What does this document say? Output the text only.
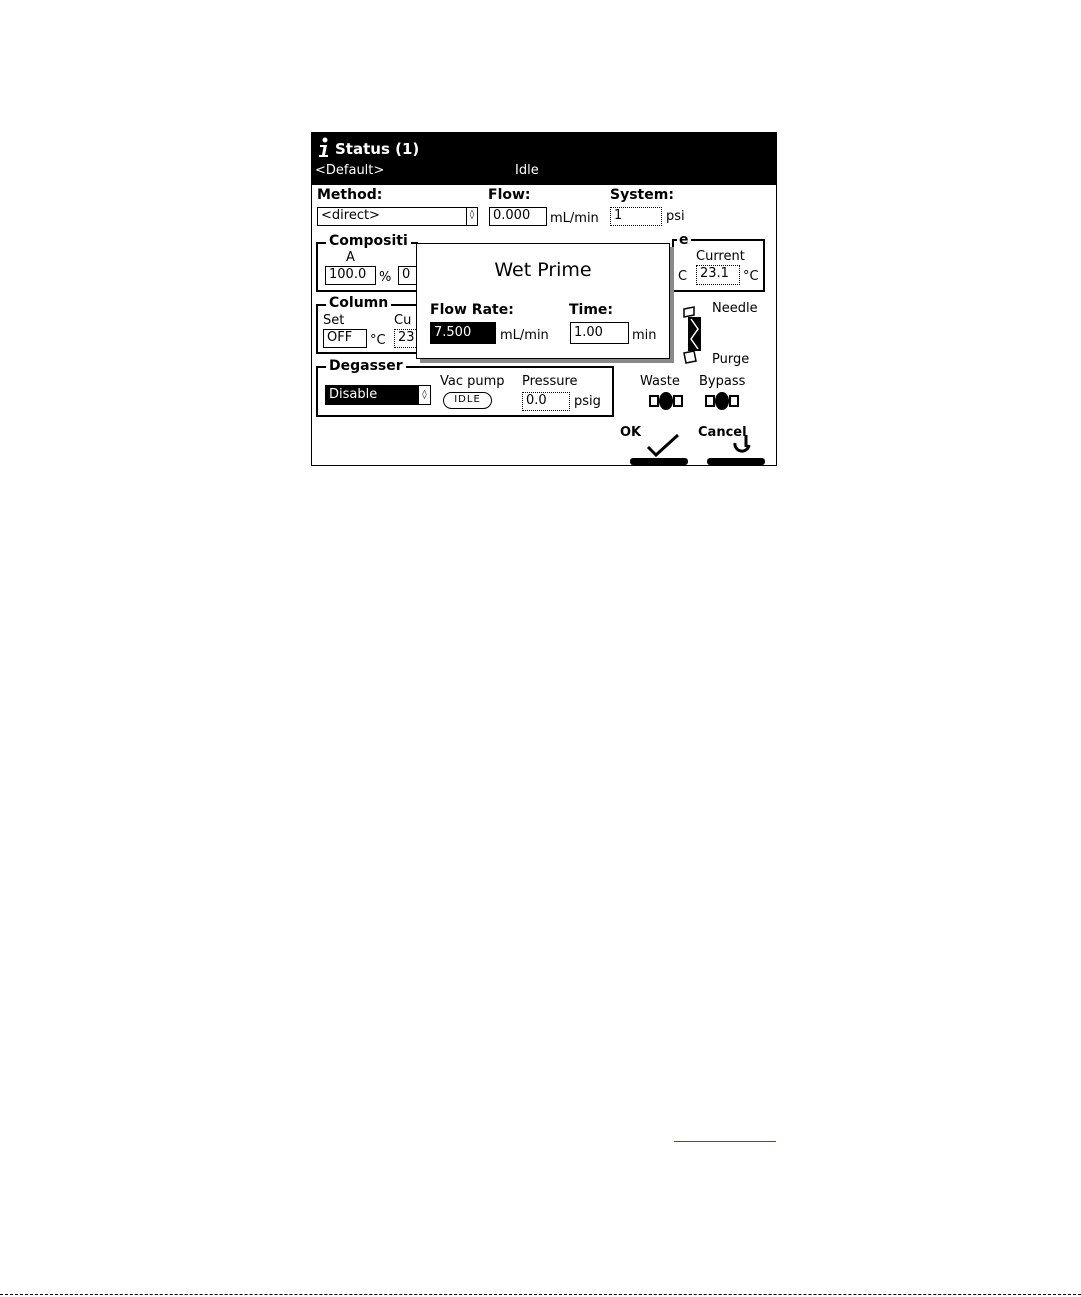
Status (1)
<Default>	Idle
Method:
<direct>	◊
Flow:
0.000	mL/min
System:
1	psi
Compositi
A
100.0 % 0
e
Current
C 23.1	°C
Column
Set
OFF	°C
Cu
23
Needle
Purge
Degasser
Disable	◊
Vac pump
IDLE
Pressure
0.0	psig
Waste Bypass
OK	Cancel
Wet Prime
Flow Rate:
7.500	mL/min
Time:
1.00	min
